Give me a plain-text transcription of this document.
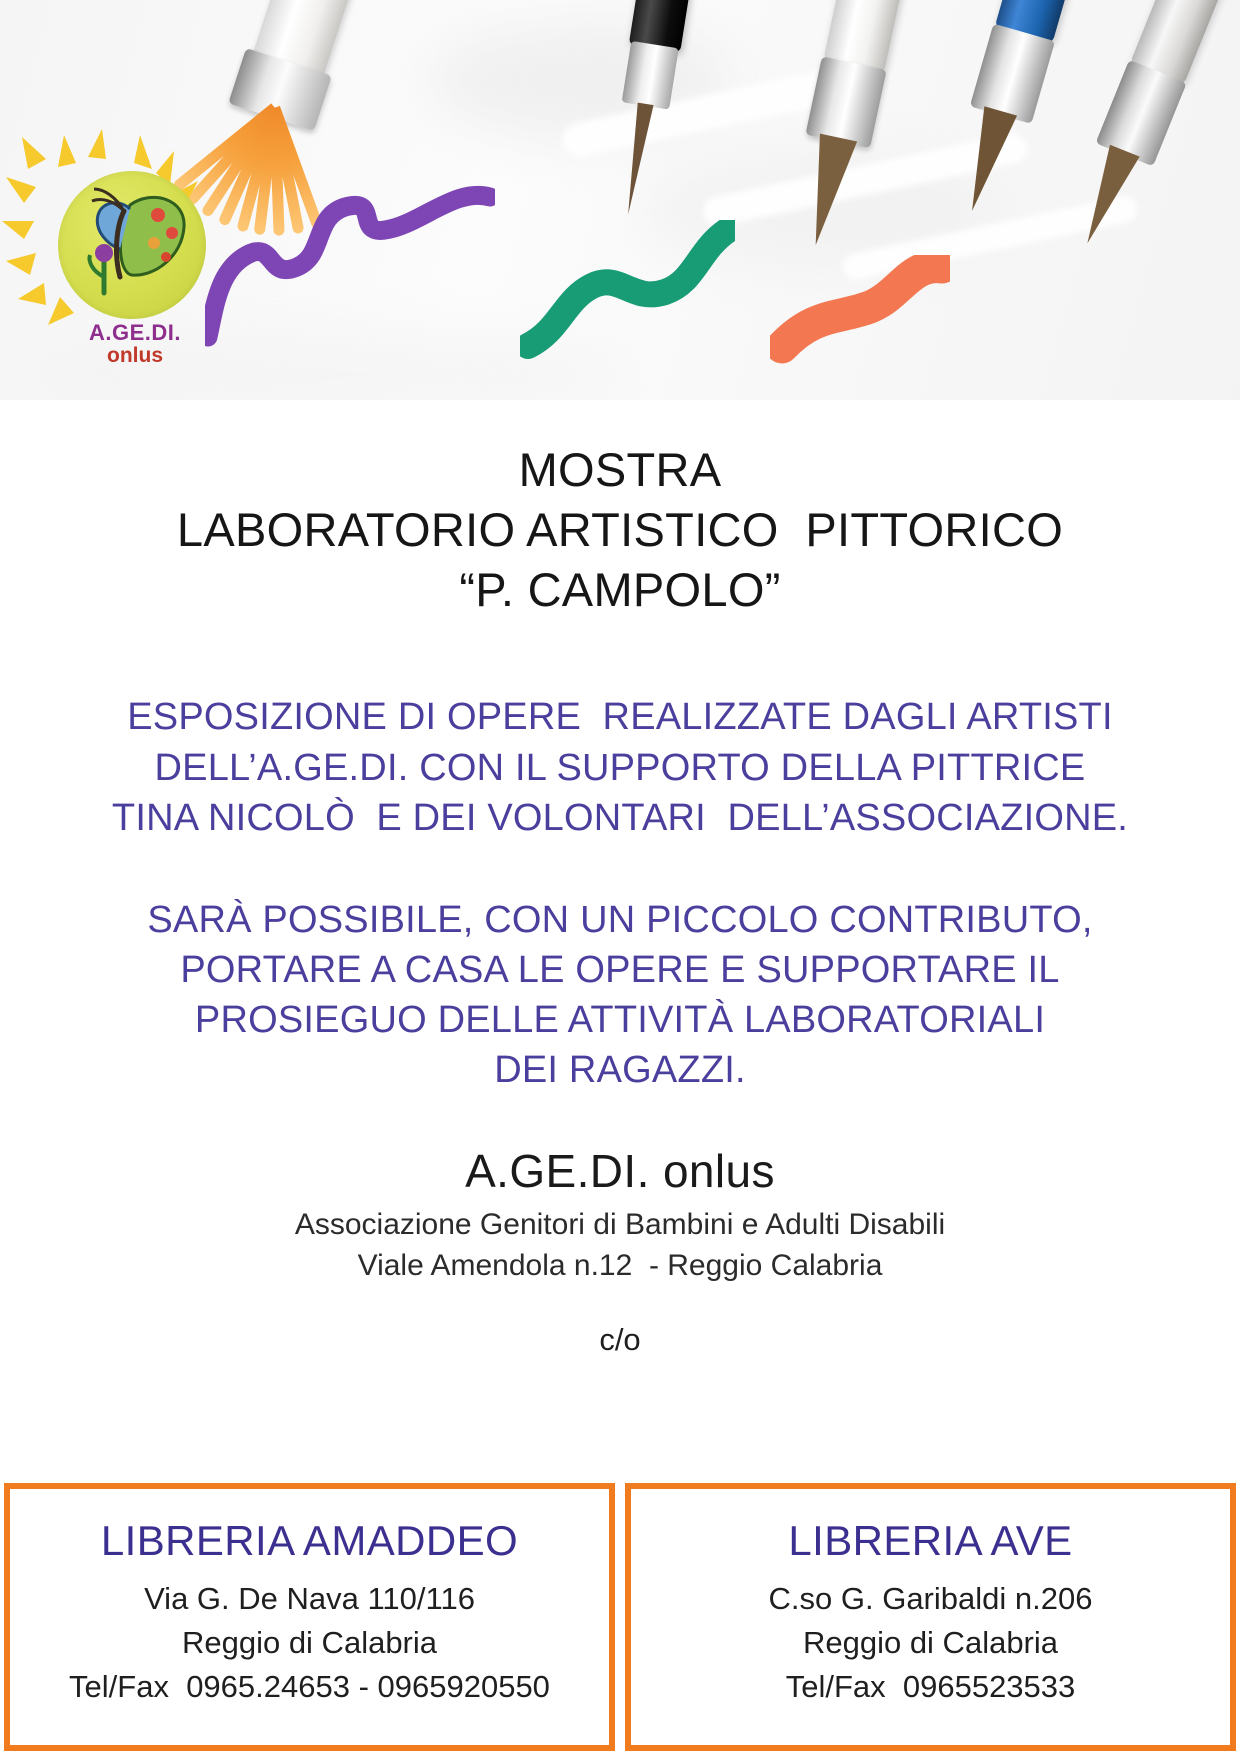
A.GE.DI.
onlus
MOSTRA
LABORATORIO ARTISTICO  PITTORICO
“P. CAMPOLO”
ESPOSIZIONE DI OPERE  REALIZZATE DAGLI ARTISTI
DELL’A.GE.DI. CON IL SUPPORTO DELLA PITTRICE
TINA NICOLÒ  E DEI VOLONTARI  DELL’ASSOCIAZIONE.
SARÀ POSSIBILE, CON UN PICCOLO CONTRIBUTO,
PORTARE A CASA LE OPERE E SUPPORTARE IL
PROSIEGUO DELLE ATTIVITÀ LABORATORIALI
DEI RAGAZZI.
A.GE.DI. onlus
Associazione Genitori di Bambini e Adulti Disabili
Viale Amendola n.12  - Reggio Calabria
c/o
LIBRERIA AMADDEO
Via G. De Nava 110/116
Reggio di Calabria
Tel/Fax  0965.24653 - 0965920550
LIBRERIA AVE
C.so G. Garibaldi n.206
Reggio di Calabria
Tel/Fax  0965523533
